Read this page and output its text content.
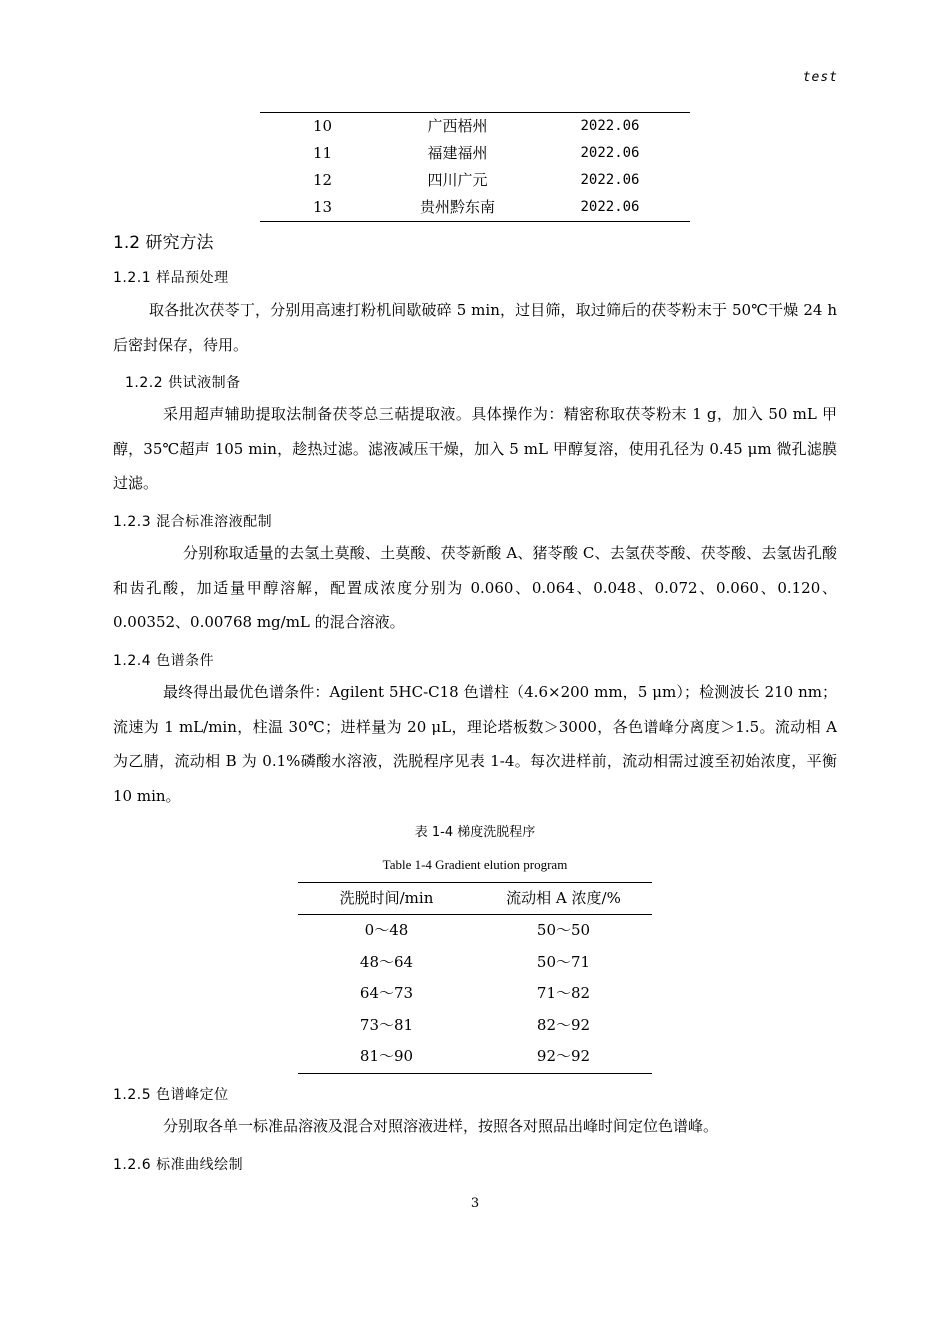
test
10	广西梧州	2022.06
11	福建福州	2022.06
12	四川广元	2022.06
13	贵州黔东南	2022.06
1.2 研究方法
1.2.1 样品预处理

取各批次茯苓丁，分别用高速打粉机间歇破碎 5 min，过目筛，取过筛后的茯苓粉末于 50℃干燥 24 h 后密封保存，待用。

1.2.2 供试液制备

采用超声辅助提取法制备茯苓总三萜提取液。具体操作为：精密称取茯苓粉末 1 g，加入 50 mL 甲醇，35℃超声 105 min，趁热过滤。滤液减压干燥，加入 5 mL 甲醇复溶，使用孔径为 0.45 μm 微孔滤膜过滤。

1.2.3 混合标准溶液配制

分别称取适量的去氢土莫酸、土莫酸、茯苓新酸 A、猪苓酸 C、去氢茯苓酸、茯苓酸、去氢齿孔酸和齿孔酸，加适量甲醇溶解，配置成浓度分别为 0.060、0.064、0.048、0.072、0.060、0.120、0.00352、0.00768 mg/mL 的混合溶液。

1.2.4 色谱条件

最终得出最优色谱条件：Agilent 5HC-C18 色谱柱（4.6×200 mm，5 μm）；检测波长 210 nm；流速为 1 mL/min，柱温 30℃；进样量为 20 μL，理论塔板数＞3000，各色谱峰分离度＞1.5。流动相 A 为乙腈，流动相 B 为 0.1%磷酸水溶液，洗脱程序见表 1-4。每次进样前，流动相需过渡至初始浓度，平衡 10 min。

表 1-4 梯度洗脱程序
Table 1-4 Gradient elution program
洗脱时间/min	流动相 A 浓度/%
0～48	50～50
48～64	50～71
64～73	71～82
73～81	82～92
81～90	92～92
1.2.5 色谱峰定位

分别取各单一标准品溶液及混合对照溶液进样，按照各对照品出峰时间定位色谱峰。

1.2.6 标准曲线绘制
3
